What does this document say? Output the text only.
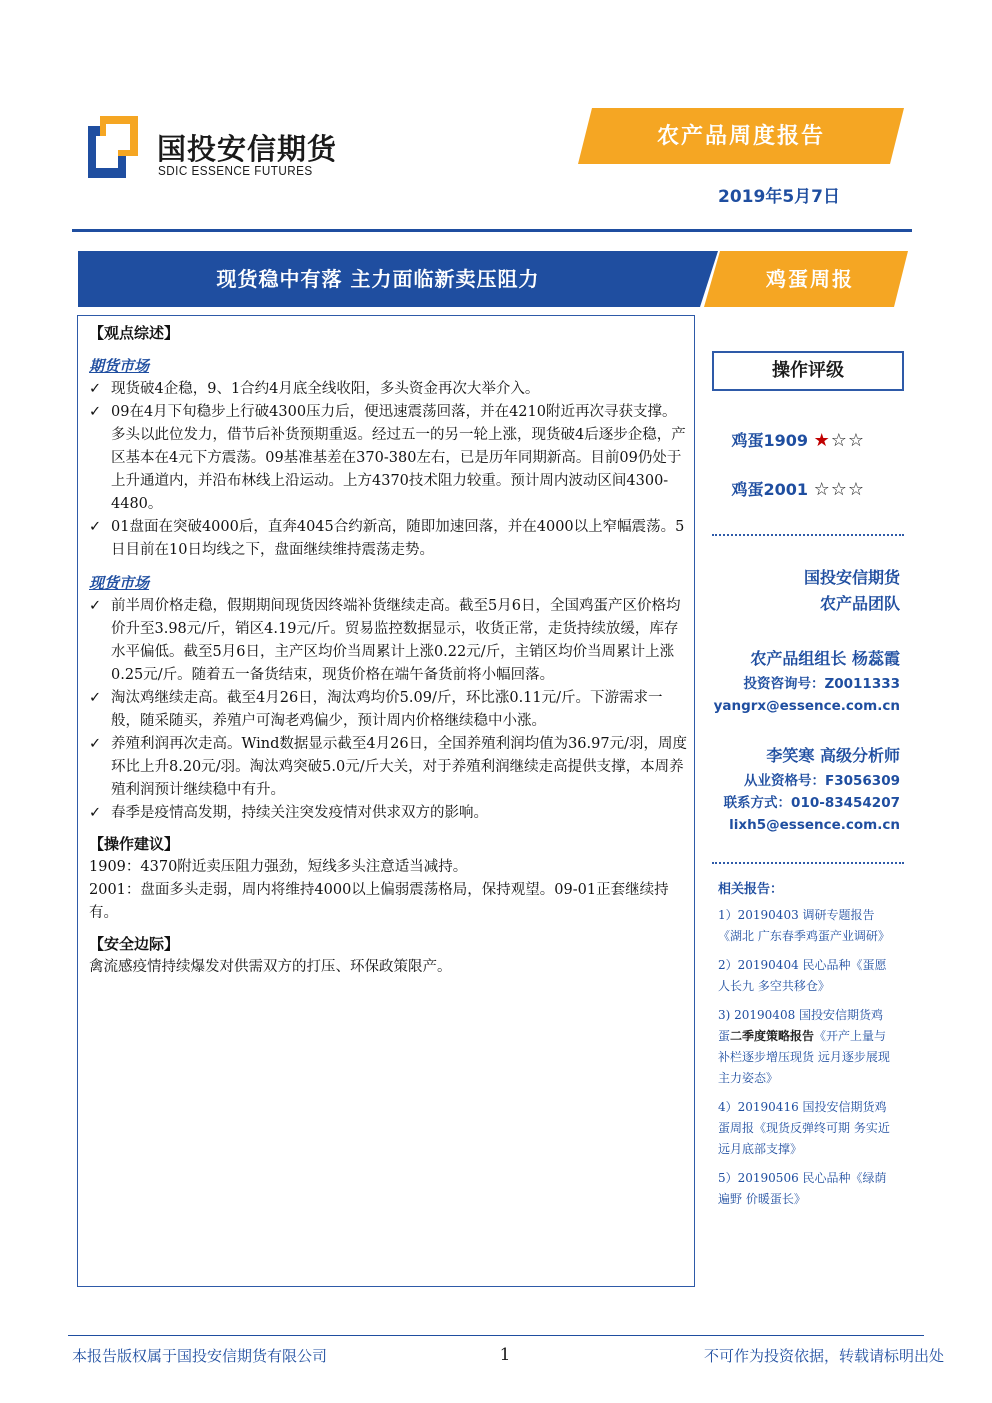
国投安信期货
SDIC ESSENCE FUTURES
农产品周度报告
2019年5月7日
现货稳中有落 主力面临新卖压阻力	鸡蛋周报
【观点综述】
期货市场
✓ 现货破4企稳，9、1合约4月底全线收阳，多头资金再次大举介入。
✓ 09在4月下旬稳步上行破4300压力后，便迅速震荡回落，并在4210附近再次寻获支撑。多头以此位发力，借节后补货预期重返。经过五一的另一轮上涨，现货破4后逐步企稳，产区基本在4元下方震荡。09基准基差在370-380左右，已是历年同期新高。目前09仍处于上升通道内，并沿布林线上沿运动。上方4370技术阻力较重。预计周内波动区间4300-4480。
✓ 01盘面在突破4000后，直奔4045合约新高，随即加速回落，并在4000以上窄幅震荡。5日目前在10日均线之下，盘面继续维持震荡走势。
现货市场
✓ 前半周价格走稳，假期期间现货因终端补货继续走高。截至5月6日，全国鸡蛋产区价格均价升至3.98元/斤，销区4.19元/斤。贸易监控数据显示，收货正常，走货持续放缓，库存水平偏低。截至5月6日，主产区均价当周累计上涨0.22元/斤，主销区均价当周累计上涨0.25元/斤。随着五一备货结束，现货价格在端午备货前将小幅回落。
✓ 淘汰鸡继续走高。截至4月26日，淘汰鸡均价5.09/斤，环比涨0.11元/斤。下游需求一般，随采随买，养殖户可淘老鸡偏少，预计周内价格继续稳中小涨。
✓ 养殖利润再次走高。Wind数据显示截至4月26日，全国养殖利润均值为36.97元/羽，周度环比上升8.20元/羽。淘汰鸡突破5.0元/斤大关，对于养殖利润继续走高提供支撑，本周养殖利润预计继续稳中有升。
✓ 春季是疫情高发期，持续关注突发疫情对供求双方的影响。
【操作建议】

1909：4370附近卖压阻力强劲，短线多头注意适当减持。

2001：盘面多头走弱，周内将维持4000以上偏弱震荡格局，保持观望。09-01正套继续持有。

【安全边际】

禽流感疫情持续爆发对供需双方的打压、环保政策限产。

操作评级
鸡蛋1909 ★☆☆
鸡蛋2001 ☆☆☆
国投安信期货
农产品团队
农产品组组长 杨蕊霞
投资咨询号：Z0011333
yangrx@essence.com.cn
李笑寒 高级分析师
从业资格号：F3056309
联系方式：010-83454207
lixh5@essence.com.cn
相关报告：
1）20190403 调研专题报告《湖北 广东春季鸡蛋产业调研》
2）20190404 民心品种《蛋愿人长九 多空共移仓》
3) 20190408 国投安信期货鸡蛋二季度策略报告《开产上量与补栏逐步增压现货 远月逐步展现主力姿态》
4）20190416 国投安信期货鸡蛋周报《现货反弹终可期 务实近远月底部支撑》
5）20190506 民心品种《绿荫遍野 价暖蛋长》
本报告版权属于国投安信期货有限公司	1	不可作为投资依据，转载请标明出处
